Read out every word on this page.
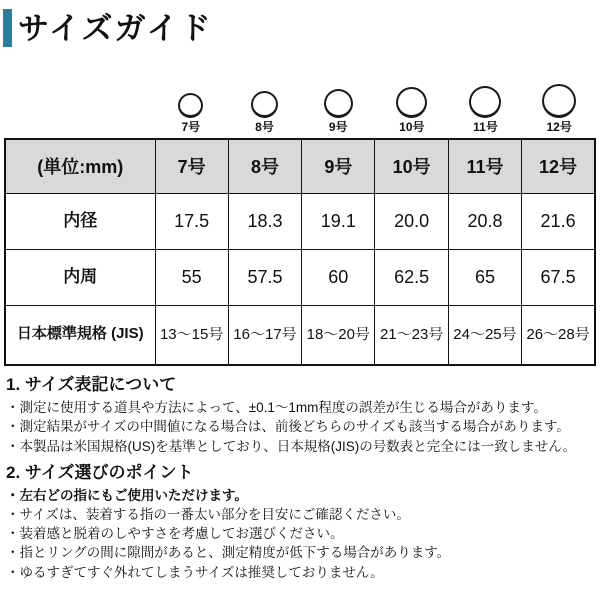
サイズガイド
7号	8号	9号	10号	11号	12号
(単位:mm)	7号	8号	9号	10号	11号	12号
内径	17.5	18.3	19.1	20.0	20.8	21.6
内周	55	57.5	60	62.5	65	67.5
日本標準規格 (JIS)	13〜15号	16〜17号	18〜20号	21〜23号	24〜25号	26〜28号
1. サイズ表記について
・測定に使用する道具や方法によって、±0.1〜1mm程度の誤差が生じる場合があります。
・測定結果がサイズの中間値になる場合は、前後どちらのサイズも該当する場合があります。
・本製品は米国規格(US)を基準としており、日本規格(JIS)の号数表と完全には一致しません。
2. サイズ選びのポイント
・左右どの指にもご使用いただけます。
・サイズは、装着する指の一番太い部分を目安にご確認ください。
・装着感と脱着のしやすさを考慮してお選びください。
・指とリングの間に隙間があると、測定精度が低下する場合があります。
・ゆるすぎてすぐ外れてしまうサイズは推奨しておりません。
